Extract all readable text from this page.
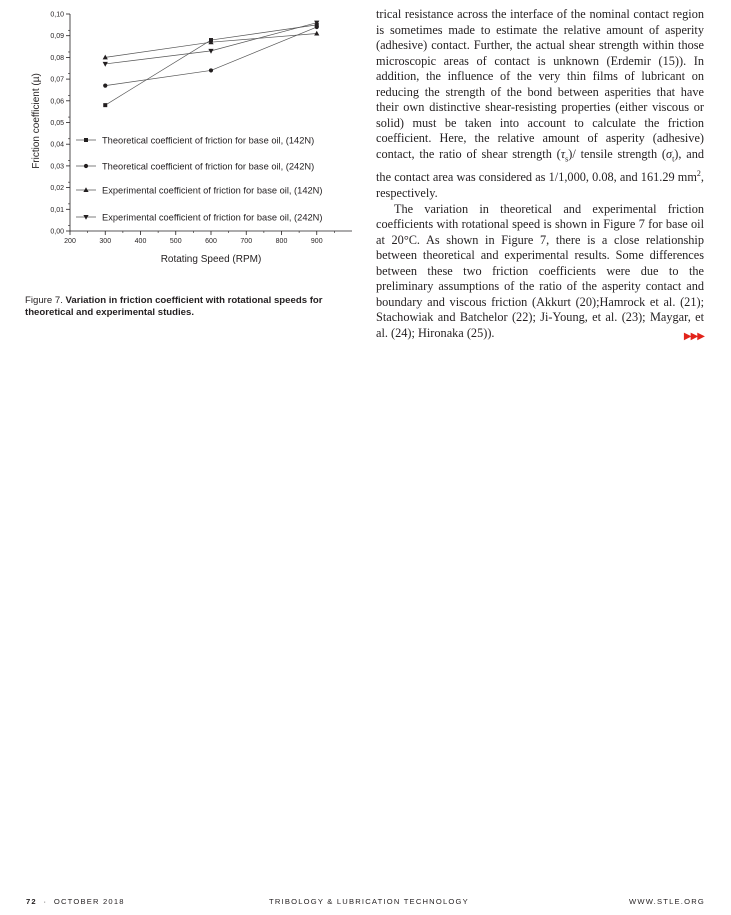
0,00
0,01
0,02
0,03
0,04
0,05
0,06
0,07
0,08
0,09
0,10
200	300	400	500	600	700	800	900
Theoretical coefficient of friction for base oil, (142N)
Theoretical coefficient of friction for base oil, (242N)
Experimental coefficient of friction for base oil, (142N)
Experimental coefficient of friction for base oil, (242N)
Rotating Speed (RPM)
Friction coefficient (µ)
Figure 7. Variation in friction coefficient with rotational speeds for theoretical and experimental studies.

trical resistance across the interface of the nominal contact region is sometimes made to estimate the relative amount of asperity (adhesive) contact. Further, the actual shear strength within those microscopic areas of contact is unknown (Erdemir (15)). In addition, the influence of the very thin films of lubricant on reducing the strength of the bond between asperities that have their own distinctive shear-resisting properties (either viscous or solid) must be taken into account to calculate the friction coefficient. Here, the relative amount of asperity (adhesive) contact, the ratio of shear strength $(\tau_s)/$ tensile strength $(\sigma_t)$, and the contact area was considered as 1/1,000, 0.08, and 161.29 $mm^2$, respectively.

The variation in theoretical and experimental friction coefficients with rotational speed is shown in Figure 7 for base oil at 20°C. As shown in Figure 7, there is a close relationship between theoretical and experimental results. Some differences between these two friction coefficients were due to the preliminary assumptions of the ratio of the asperity contact and boundary and viscous friction (Akkurt (20);Hamrock et al. (21); Stachowiak and Batchelor (22); Ji-Young, et al. (23); Maygar, et al. (24); Hironaka (25)).	▶▶▶

72 · OCTOBER 2018	TRIBOLOGY & LUBRICATION TECHNOLOGY	WWW.STLE.ORG
